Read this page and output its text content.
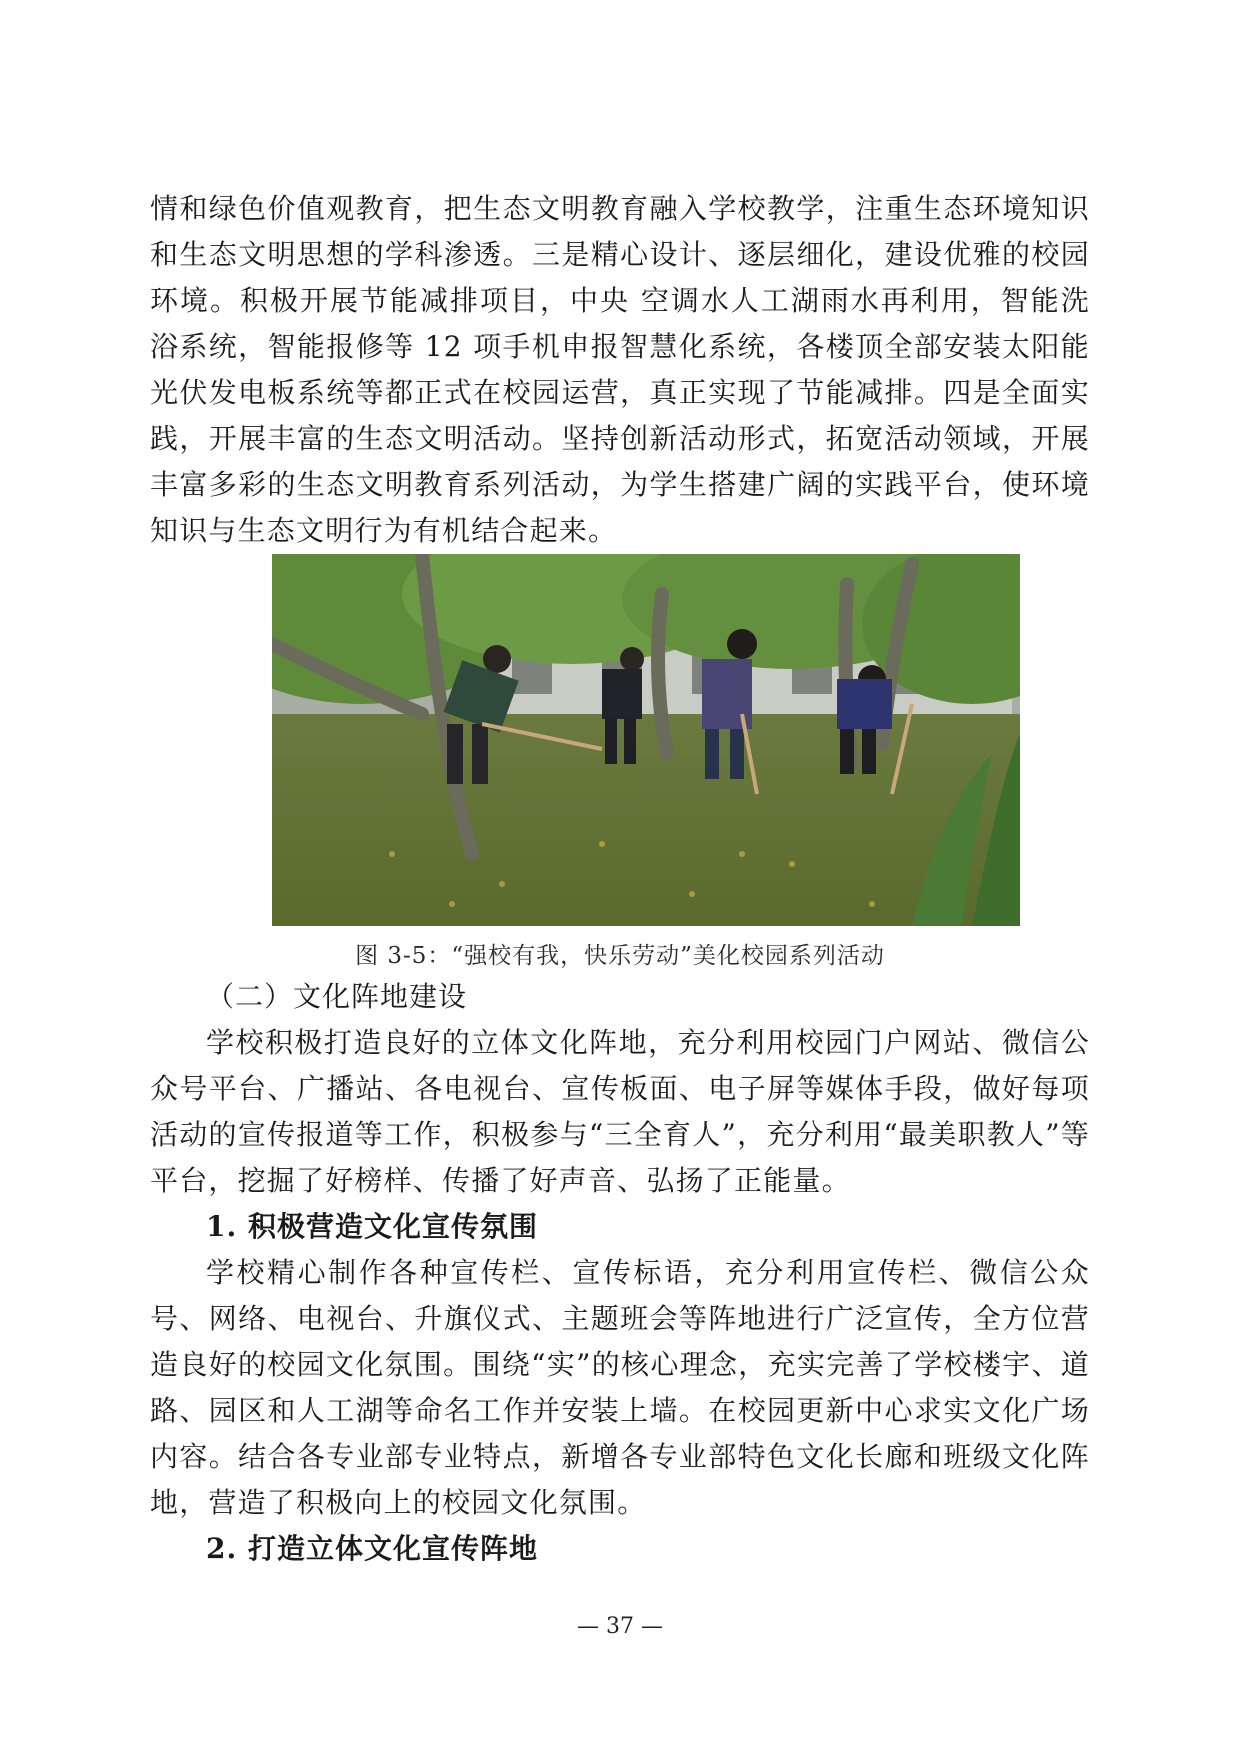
情和绿色价值观教育，把生态文明教育融入学校教学，注重生态环境知识和生态文明思想的学科渗透。三是精心设计、逐层细化，建设优雅的校园环境。积极开展节能减排项目，中央 空调水人工湖雨水再利用，智能洗浴系统，智能报修等 12 项手机申报智慧化系统，各楼顶全部安装太阳能光伏发电板系统等都正式在校园运营，真正实现了节能减排。四是全面实践，开展丰富的生态文明活动。坚持创新活动形式，拓宽活动领域，开展丰富多彩的生态文明教育系列活动，为学生搭建广阔的实践平台，使环境知识与生态文明行为有机结合起来。

图 3-5：“强校有我，快乐劳动”美化校园系列活动
（二）文化阵地建设

学校积极打造良好的立体文化阵地，充分利用校园门户网站、微信公众号平台、广播站、各电视台、宣传板面、电子屏等媒体手段，做好每项活动的宣传报道等工作，积极参与“三全育人”，充分利用“最美职教人”等平台，挖掘了好榜样、传播了好声音、弘扬了正能量。

1. 积极营造文化宣传氛围

学校精心制作各种宣传栏、宣传标语，充分利用宣传栏、微信公众号、网络、电视台、升旗仪式、主题班会等阵地进行广泛宣传，全方位营造良好的校园文化氛围。围绕“实”的核心理念，充实完善了学校楼宇、道路、园区和人工湖等命名工作并安装上墙。在校园更新中心求实文化广场内容。结合各专业部专业特点，新增各专业部特色文化长廊和班级文化阵地，营造了积极向上的校园文化氛围。

2. 打造立体文化宣传阵地
— 37 —
